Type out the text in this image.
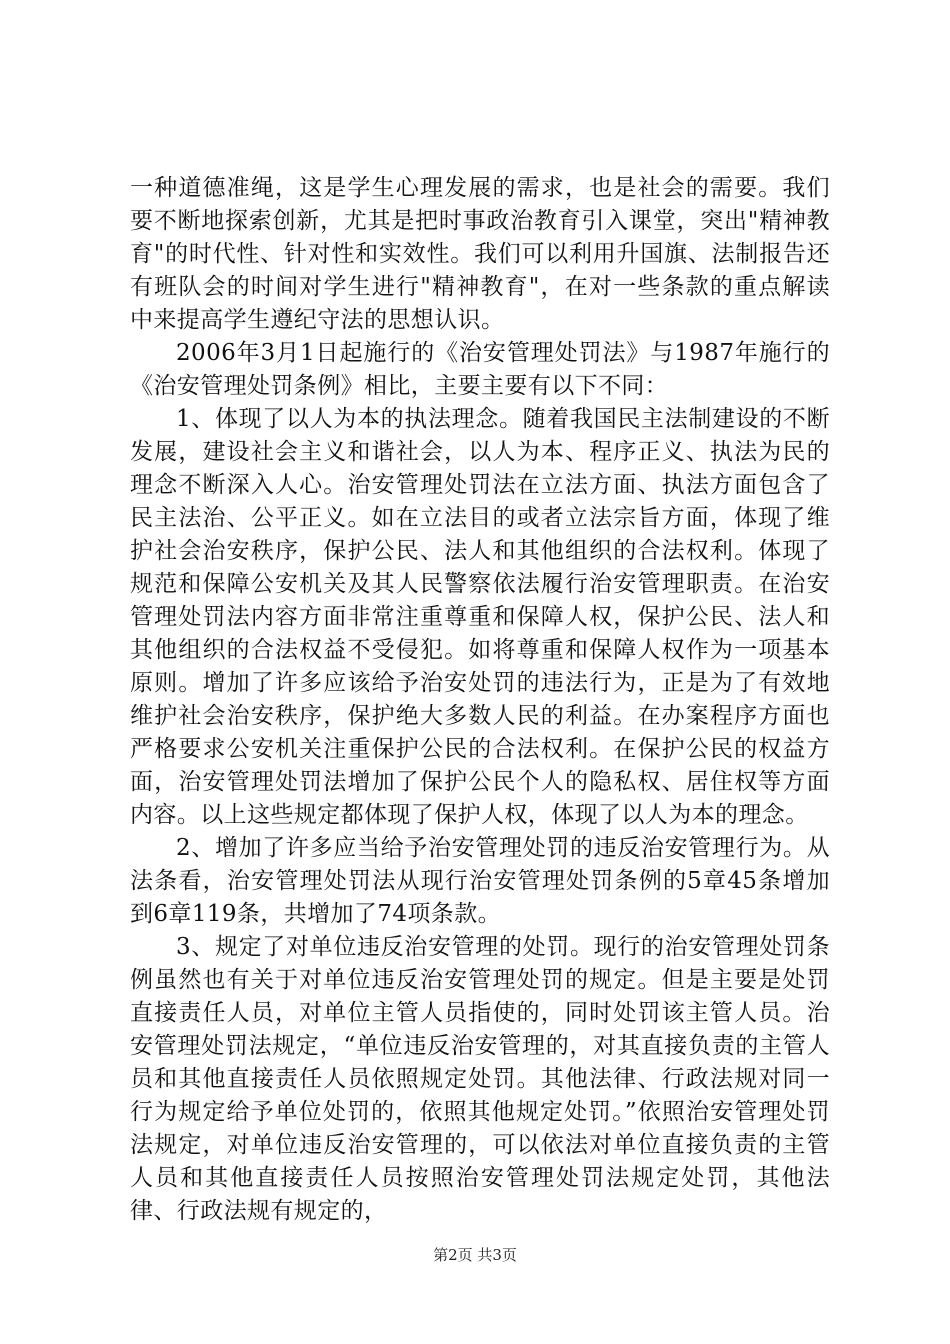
一种道德准绳，这是学生心理发展的需求，也是社会的需要。我们要不断地探索创新，尤其是把时事政治教育引入课堂，突出"精神教育"的时代性、针对性和实效性。我们可以利用升国旗、法制报告还有班队会的时间对学生进行"精神教育"，在对一些条款的重点解读中来提高学生遵纪守法的思想认识。

2006年3月1日起施行的《治安管理处罚法》与1987年施行的《治安管理处罚条例》相比，主要主要有以下不同：

1、体现了以人为本的执法理念。随着我国民主法制建设的不断发展，建设社会主义和谐社会，以人为本、程序正义、执法为民的理念不断深入人心。治安管理处罚法在立法方面、执法方面包含了民主法治、公平正义。如在立法目的或者立法宗旨方面，体现了维护社会治安秩序，保护公民、法人和其他组织的合法权利。体现了规范和保障公安机关及其人民警察依法履行治安管理职责。在治安管理处罚法内容方面非常注重尊重和保障人权，保护公民、法人和其他组织的合法权益不受侵犯。如将尊重和保障人权作为一项基本原则。增加了许多应该给予治安处罚的违法行为，正是为了有效地维护社会治安秩序，保护绝大多数人民的利益。在办案程序方面也严格要求公安机关注重保护公民的合法权利。在保护公民的权益方面，治安管理处罚法增加了保护公民个人的隐私权、居住权等方面内容。以上这些规定都体现了保护人权，体现了以人为本的理念。

2、增加了许多应当给予治安管理处罚的违反治安管理行为。从法条看，治安管理处罚法从现行治安管理处罚条例的5章45条增加到6章119条，共增加了74项条款。

3、规定了对单位违反治安管理的处罚。现行的治安管理处罚条例虽然也有关于对单位违反治安管理处罚的规定。但是主要是处罚直接责任人员，对单位主管人员指使的，同时处罚该主管人员。治安管理处罚法规定，“单位违反治安管理的，对其直接负责的主管人员和其他直接责任人员依照规定处罚。其他法律、行政法规对同一行为规定给予单位处罚的，依照其他规定处罚。”依照治安管理处罚法规定，对单位违反治安管理的，可以依法对单位直接负责的主管人员和其他直接责任人员按照治安管理处罚法规定处罚，其他法律、行政法规有规定的，

第2页 共3页
